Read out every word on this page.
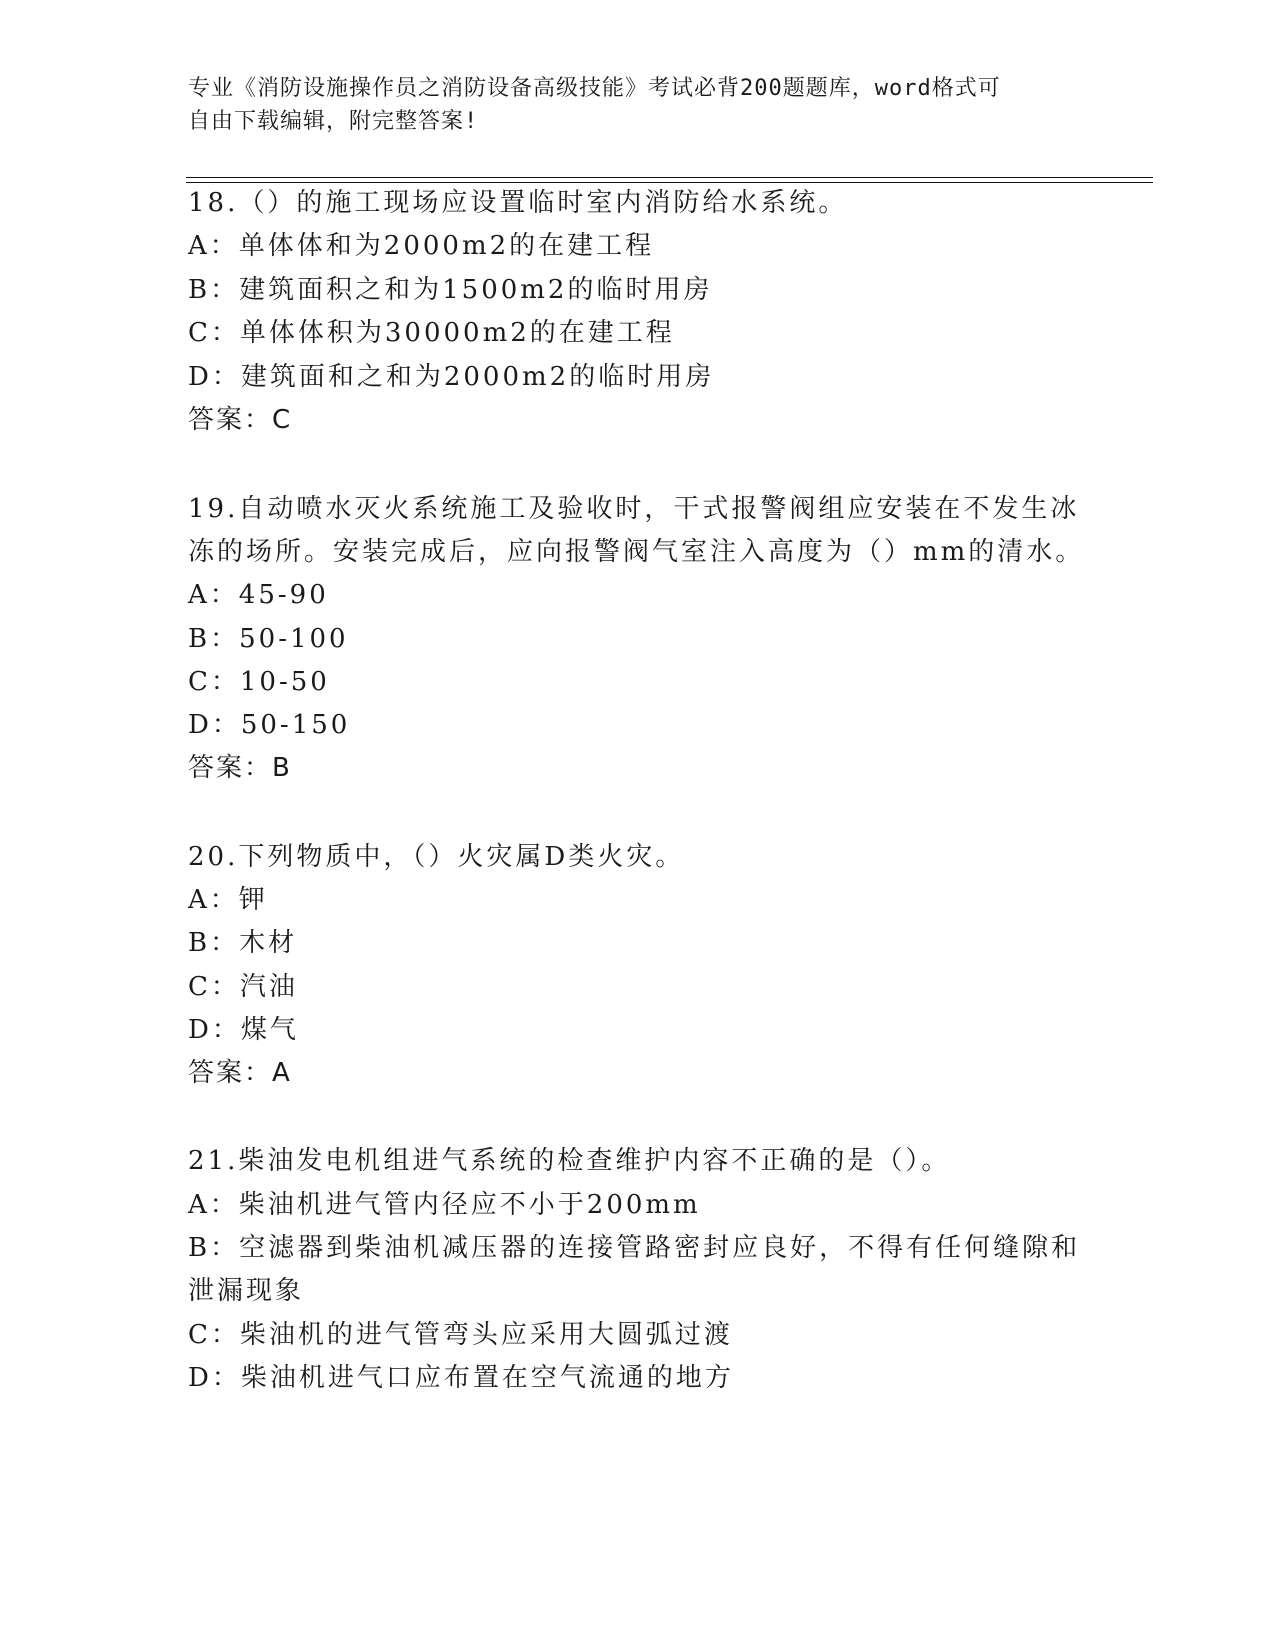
专业《消防设施操作员之消防设备高级技能》考试必背200题题库，word格式可
自由下载编辑，附完整答案!
18.（）的施工现场应设置临时室内消防给水系统。
A：单体体和为2000m2的在建工程
B：建筑面积之和为1500m2的临时用房
C：单体体积为30000m2的在建工程
D：建筑面和之和为2000m2的临时用房
答案：C
19.自动喷水灭火系统施工及验收时，干式报警阀组应安装在不发生冰
冻的场所。安装完成后，应向报警阀气室注入高度为（）mm的清水。
A：45-90
B：50-100
C：10-50
D：50-150
答案：B
20.下列物质中，（）火灾属D类火灾。
A：钾
B：木材
C：汽油
D：煤气
答案：A
21.柴油发电机组进气系统的检查维护内容不正确的是（）。
A：柴油机进气管内径应不小于200mm
B：空滤器到柴油机减压器的连接管路密封应良好，不得有任何缝隙和
泄漏现象
C：柴油机的进气管弯头应采用大圆弧过渡
D：柴油机进气口应布置在空气流通的地方
